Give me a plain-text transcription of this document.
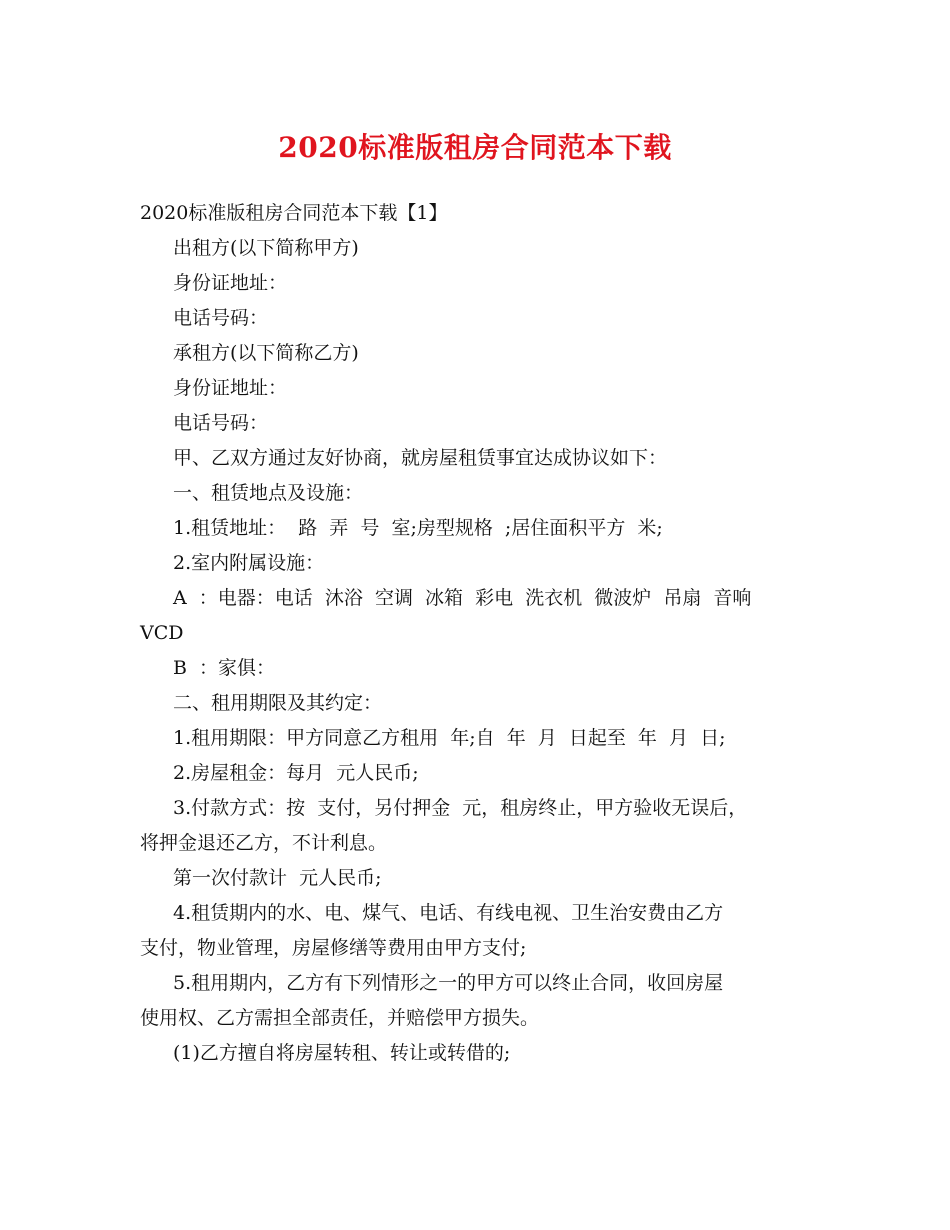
2020标准版租房合同范本下载
2020标准版租房合同范本下载【1】
出租方(以下简称甲方)
身份证地址：
电话号码：
承租方(以下简称乙方)
身份证地址：
电话号码：
甲、乙双方通过友好协商，就房屋租赁事宜达成协议如下：
一、租赁地点及设施：
1.租赁地址：  路  弄  号  室;房型规格  ;居住面积平方  米;
2.室内附属设施：
A  ：电器：电话  沐浴  空调  冰箱  彩电  洗衣机  微波炉  吊扇  音响
VCD
B  ：家俱：
二、租用期限及其约定：
1.租用期限：甲方同意乙方租用  年;自  年  月  日起至  年  月  日;
2.房屋租金：每月  元人民币;
3.付款方式：按  支付，另付押金  元，租房终止，甲方验收无误后，
将押金退还乙方，不计利息。
第一次付款计  元人民币;
4.租赁期内的水、电、煤气、电话、有线电视、卫生治安费由乙方
支付，物业管理，房屋修缮等费用由甲方支付;
5.租用期内，乙方有下列情形之一的甲方可以终止合同，收回房屋
使用权、乙方需担全部责任，并赔偿甲方损失。
(1)乙方擅自将房屋转租、转让或转借的;
